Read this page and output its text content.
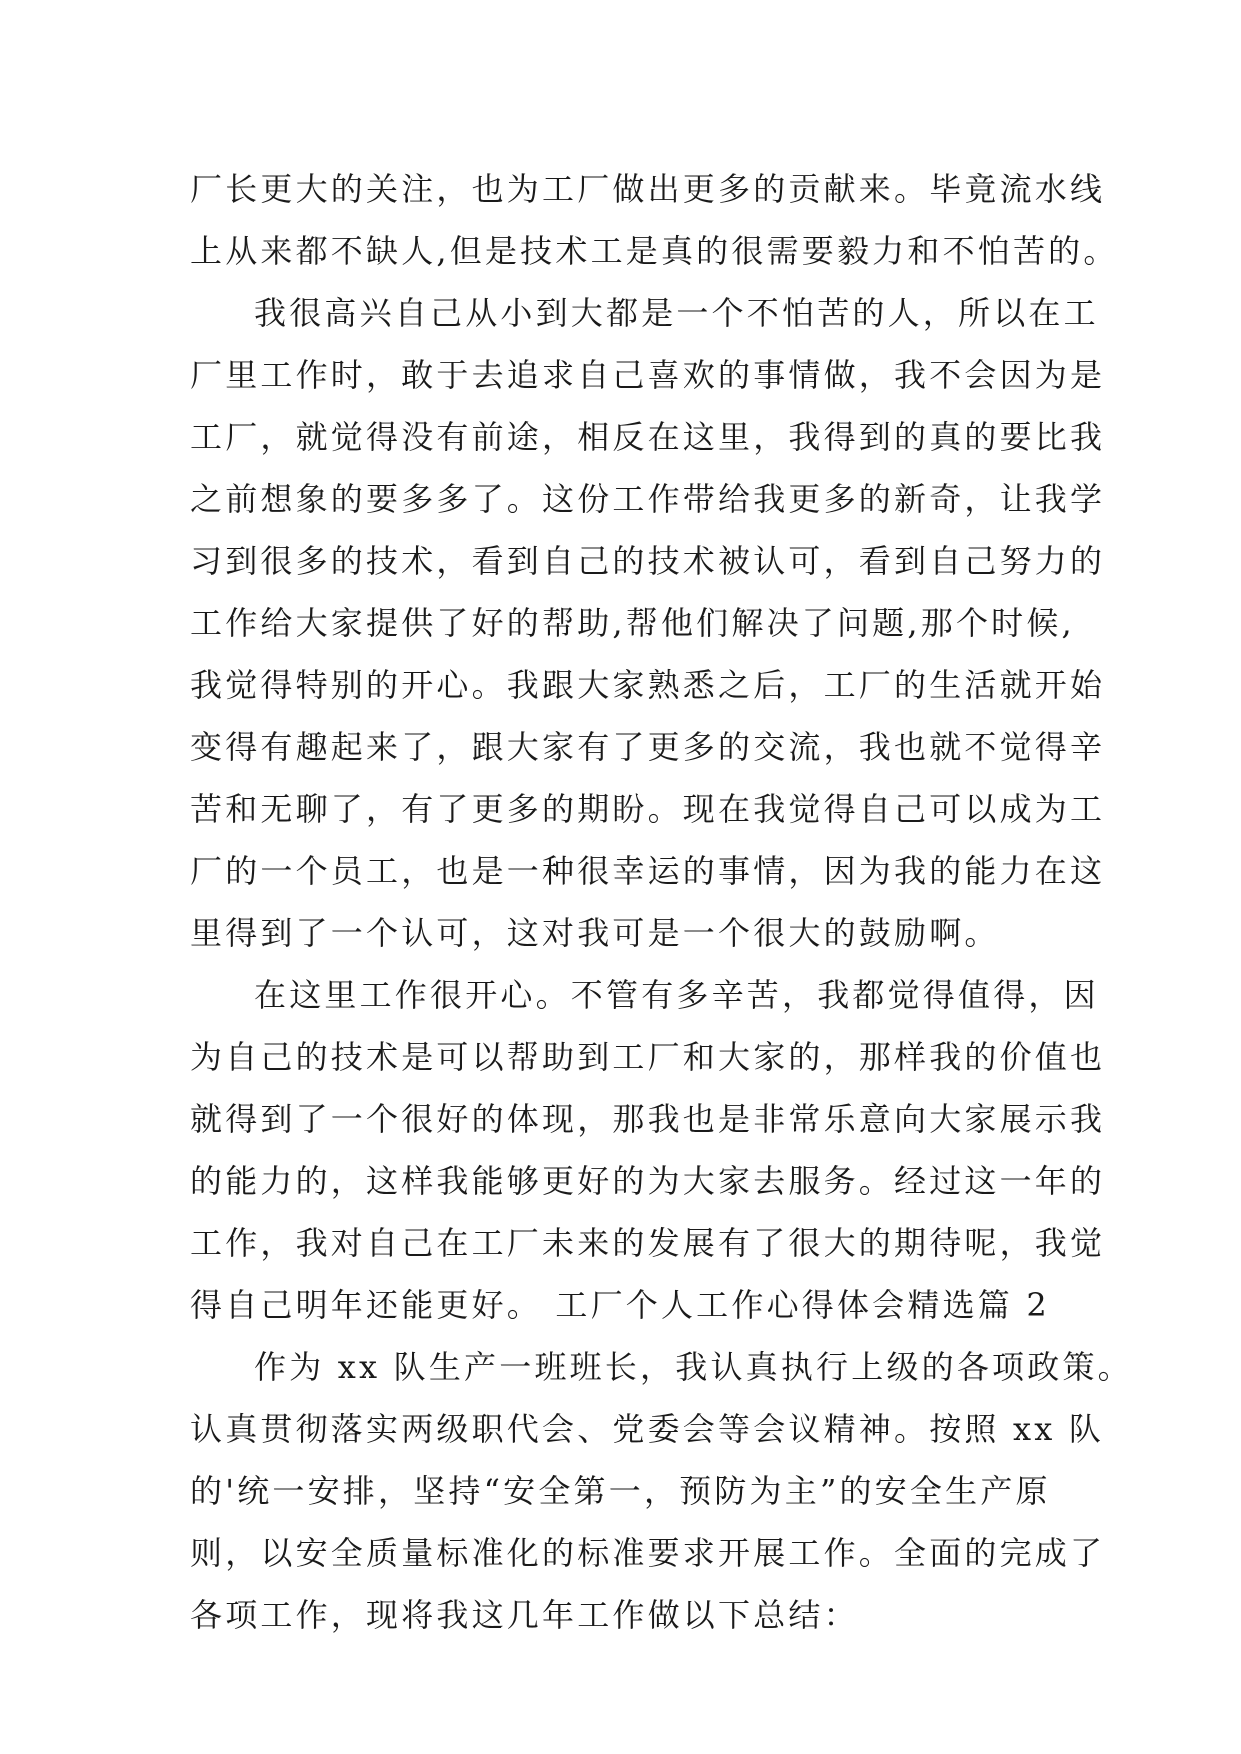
厂长更大的关注，也为工厂做出更多的贡献来。毕竟流水线
上从来都不缺人,但是技术工是真的很需要毅力和不怕苦的。
我很高兴自己从小到大都是一个不怕苦的人，所以在工
厂里工作时，敢于去追求自己喜欢的事情做，我不会因为是
工厂，就觉得没有前途，相反在这里，我得到的真的要比我
之前想象的要多多了。这份工作带给我更多的新奇，让我学
习到很多的技术，看到自己的技术被认可，看到自己努力的
工作给大家提供了好的帮助,帮他们解决了问题,那个时候,
我觉得特别的开心。我跟大家熟悉之后，工厂的生活就开始
变得有趣起来了，跟大家有了更多的交流，我也就不觉得辛
苦和无聊了，有了更多的期盼。现在我觉得自己可以成为工
厂的一个员工，也是一种很幸运的事情，因为我的能力在这
里得到了一个认可，这对我可是一个很大的鼓励啊。
在这里工作很开心。不管有多辛苦，我都觉得值得，因
为自己的技术是可以帮助到工厂和大家的，那样我的价值也
就得到了一个很好的体现，那我也是非常乐意向大家展示我
的能力的，这样我能够更好的为大家去服务。经过这一年的
工作，我对自己在工厂未来的发展有了很大的期待呢，我觉
得自己明年还能更好。 工厂个人工作心得体会精选篇 2
作为 xx 队生产一班班长，我认真执行上级的各项政策。
认真贯彻落实两级职代会、党委会等会议精神。按照 xx 队
的'统一安排，坚持“安全第一，预防为主”的安全生产原
则，以安全质量标准化的标准要求开展工作。全面的完成了
各项工作，现将我这几年工作做以下总结：
